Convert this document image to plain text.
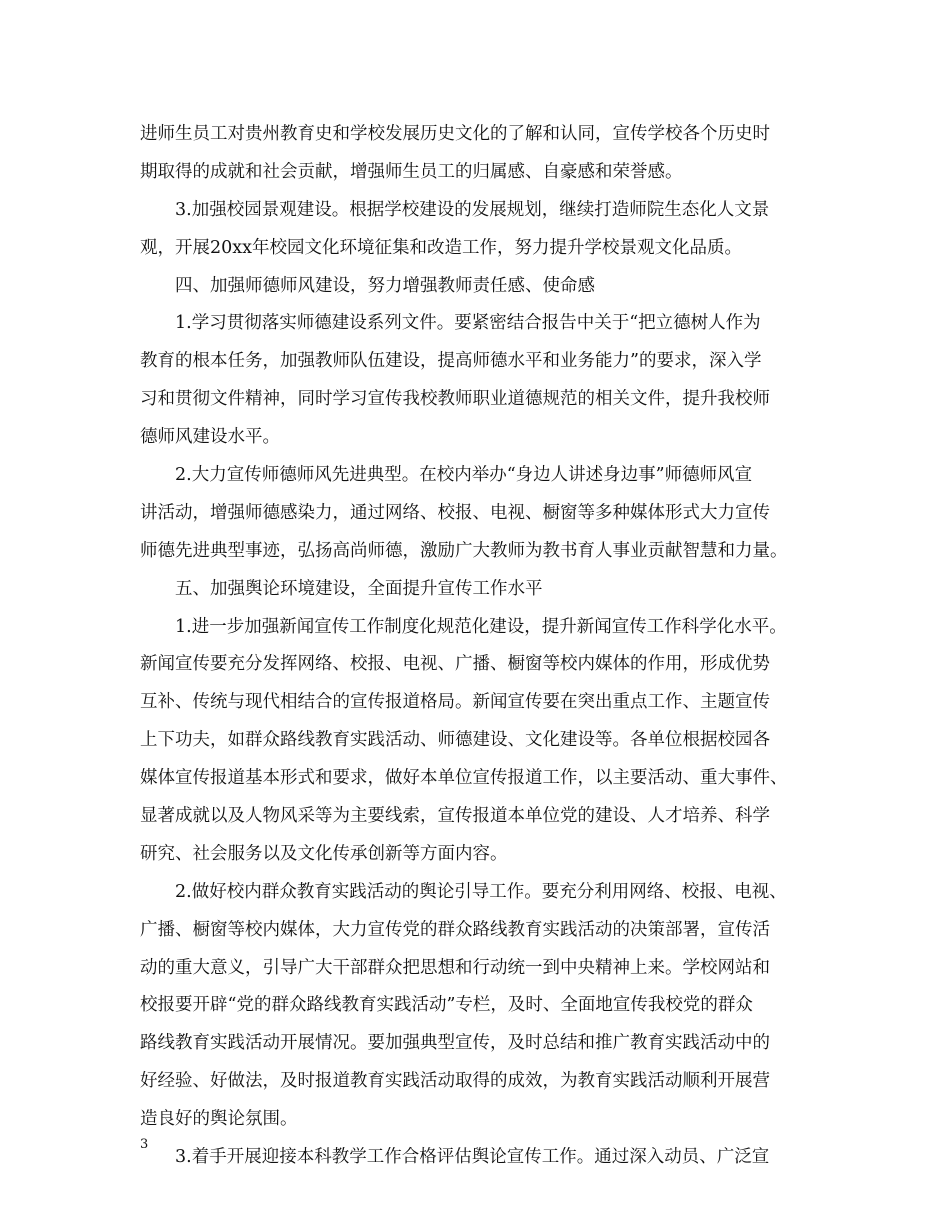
进师生员工对贵州教育史和学校发展历史文化的了解和认同，宣传学校各个历史时
期取得的成就和社会贡献，增强师生员工的归属感、自豪感和荣誉感。
3.加强校园景观建设。根据学校建设的发展规划，继续打造师院生态化人文景
观，开展20xx年校园文化环境征集和改造工作，努力提升学校景观文化品质。
四、加强师德师风建设，努力增强教师责任感、使命感
1.学习贯彻落实师德建设系列文件。要紧密结合报告中关于“把立德树人作为
教育的根本任务，加强教师队伍建设，提高师德水平和业务能力”的要求，深入学
习和贯彻文件精神，同时学习宣传我校教师职业道德规范的相关文件，提升我校师
德师风建设水平。
2.大力宣传师德师风先进典型。在校内举办“身边人讲述身边事”师德师风宣
讲活动，增强师德感染力，通过网络、校报、电视、橱窗等多种媒体形式大力宣传
师德先进典型事迹，弘扬高尚师德，激励广大教师为教书育人事业贡献智慧和力量。
五、加强舆论环境建设，全面提升宣传工作水平
1.进一步加强新闻宣传工作制度化规范化建设，提升新闻宣传工作科学化水平。
新闻宣传要充分发挥网络、校报、电视、广播、橱窗等校内媒体的作用，形成优势
互补、传统与现代相结合的宣传报道格局。新闻宣传要在突出重点工作、主题宣传
上下功夫，如群众路线教育实践活动、师德建设、文化建设等。各单位根据校园各
媒体宣传报道基本形式和要求，做好本单位宣传报道工作，以主要活动、重大事件、
显著成就以及人物风采等为主要线索，宣传报道本单位党的建设、人才培养、科学
研究、社会服务以及文化传承创新等方面内容。
2.做好校内群众教育实践活动的舆论引导工作。要充分利用网络、校报、电视、
广播、橱窗等校内媒体，大力宣传党的群众路线教育实践活动的决策部署，宣传活
动的重大意义，引导广大干部群众把思想和行动统一到中央精神上来。学校网站和
校报要开辟“党的群众路线教育实践活动”专栏，及时、全面地宣传我校党的群众
路线教育实践活动开展情况。要加强典型宣传，及时总结和推广教育实践活动中的
好经验、好做法，及时报道教育实践活动取得的成效，为教育实践活动顺利开展营
造良好的舆论氛围。
3.着手开展迎接本科教学工作合格评估舆论宣传工作。通过深入动员、广泛宣
3
